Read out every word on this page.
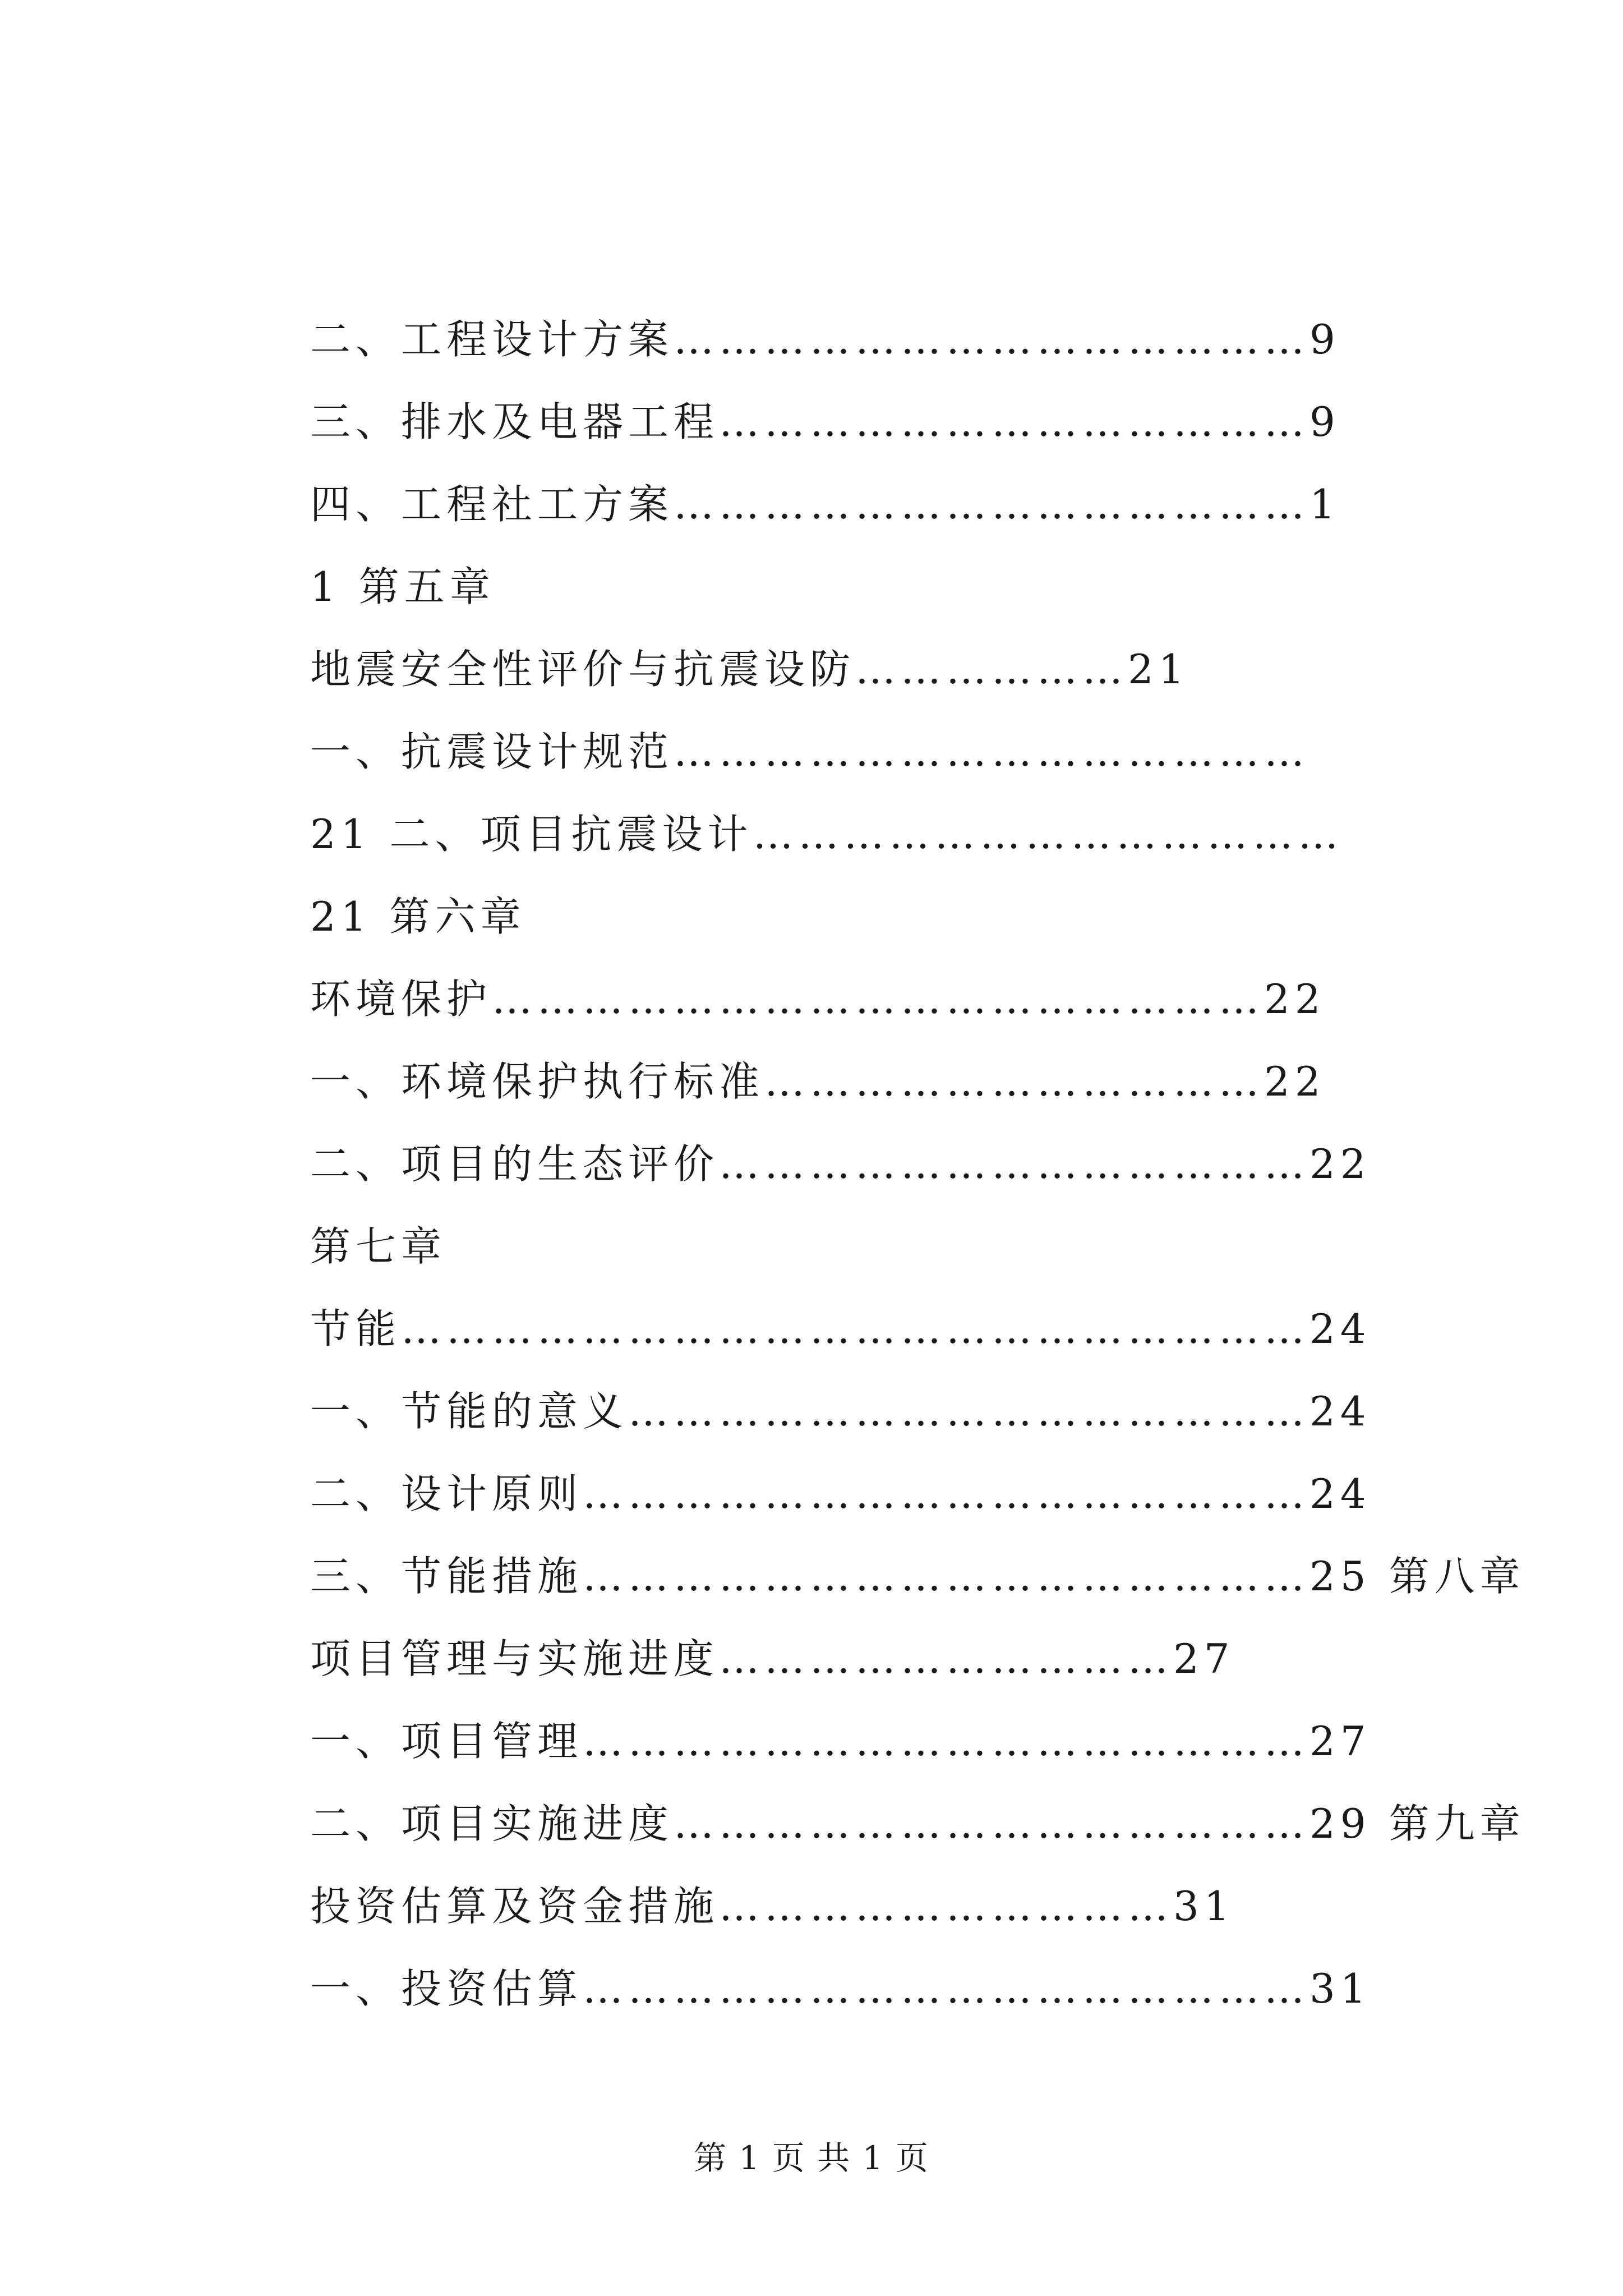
二、工程设计方案……………………………………9
三、排水及电器工程…………………………………9
四、工程社工方案……………………………………1
1 第五章
地震安全性评价与抗震设防………………21
一、抗震设计规范……………………………………
21 二、项目抗震设计…………………………………
21 第六章
环境保护……………………………………………22
一、环境保护执行标准……………………………22
二、项目的生态评价…………………………………22
第七章
节能……………………………………………………24
一、节能的意义………………………………………24
二、设计原则…………………………………………24
三、节能措施…………………………………………25 第八章
项目管理与实施进度…………………………27
一、项目管理…………………………………………27
二、项目实施进度……………………………………29 第九章
投资估算及资金措施…………………………31
一、投资估算…………………………………………31
第 1 页 共 1 页
